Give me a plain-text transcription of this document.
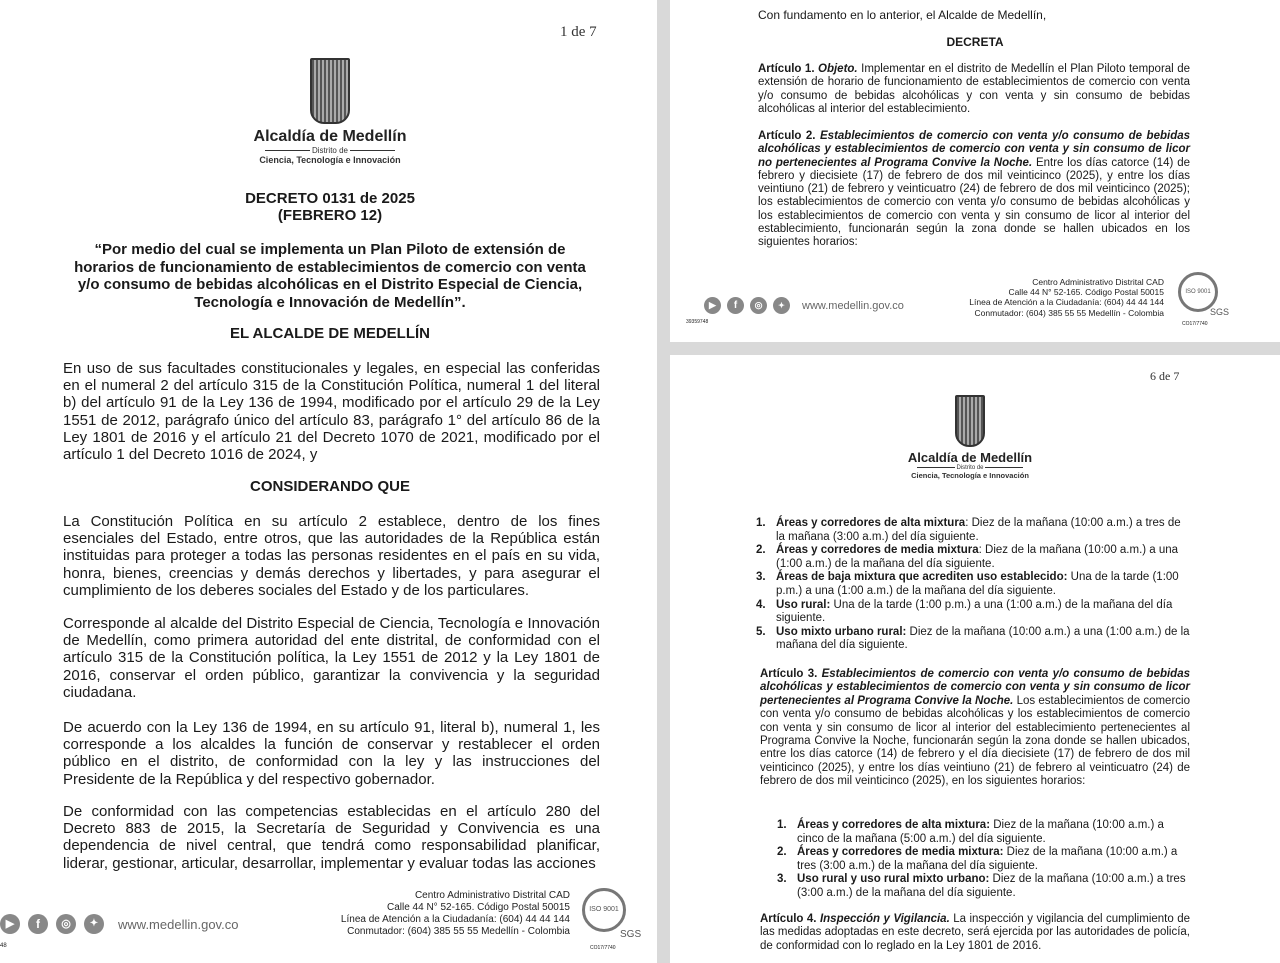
1 de 7
Alcaldía de Medellín
Distrito de
Ciencia, Tecnología e Innovación
DECRETO 0131 de 2025
(FEBRERO 12)
“Por medio del cual se implementa un Plan Piloto de extensión de horarios de funcionamiento de establecimientos de comercio con venta y/o consumo de bebidas alcohólicas en el Distrito Especial de Ciencia, Tecnología e Innovación de Medellín”.
EL ALCALDE DE MEDELLÍN
En uso de sus facultades constitucionales y legales, en especial las conferidas en el numeral 2 del artículo 315 de la Constitución Política, numeral 1 del literal b) del artículo 91 de la Ley 136 de 1994, modificado por el artículo 29 de la Ley 1551 de 2012, parágrafo único del artículo 83, parágrafo 1° del artículo 86 de la Ley 1801 de 2016 y el artículo 21 del Decreto 1070 de 2021, modificado por el artículo 1 del Decreto 1016 de 2024, y
CONSIDERANDO QUE
La Constitución Política en su artículo 2 establece, dentro de los fines esenciales del Estado, entre otros, que las autoridades de la República están instituidas para proteger a todas las personas residentes en el país en su vida, honra, bienes, creencias y demás derechos y libertades, y para asegurar el cumplimiento de los deberes sociales del Estado y de los particulares.
Corresponde al alcalde del Distrito Especial de Ciencia, Tecnología e Innovación de Medellín, como primera autoridad del ente distrital, de conformidad con el artículo 315 de la Constitución política, la Ley 1551 de 2012 y la Ley 1801 de 2016, conservar el orden público, garantizar la convivencia y la seguridad ciudadana.
De acuerdo con la Ley 136 de 1994, en su artículo 91, literal b), numeral 1, les corresponde a los alcaldes la función de conservar y restablecer el orden público en el distrito, de conformidad con la ley y las instrucciones del Presidente de la República y del respectivo gobernador.
De conformidad con las competencias establecidas en el artículo 280 del Decreto 883 de 2015, la Secretaría de Seguridad y Convivencia es una dependencia de nivel central, que tendrá como responsabilidad planificar, liderar, gestionar, articular, desarrollar, implementar y evaluar todas las acciones
▶	f	◎	✦	www.medellin.gov.co
48
Centro Administrativo Distrital CAD
Calle 44 N° 52-165. Código Postal 50015
Línea de Atención a la Ciudadanía: (604) 44 44 144
Conmutador: (604) 385 55 55 Medellín - Colombia
ISO 9001
SGS
CO17/7740
Con fundamento en lo anterior, el Alcalde de Medellín,
DECRETA
Artículo 1. Objeto. Implementar en el distrito de Medellín el Plan Piloto temporal de extensión de horario de funcionamiento de establecimientos de comercio con venta y/o consumo de bebidas alcohólicas y con venta y sin consumo de bebidas alcohólicas al interior del establecimiento.
Artículo 2. Establecimientos de comercio con venta y/o consumo de bebidas alcohólicas y establecimientos de comercio con venta y sin consumo de licor no pertenecientes al Programa Convive la Noche. Entre los días catorce (14) de febrero y diecisiete (17) de febrero de dos mil veinticinco (2025), y entre los días veintiuno (21) de febrero y veinticuatro (24) de febrero de dos mil veinticinco (2025); los establecimientos de comercio con venta y/o consumo de bebidas alcohólicas y los establecimientos de comercio con venta y sin consumo de licor al interior del establecimiento, funcionarán según la zona donde se hallen ubicados en los siguientes horarios:
▶	f	◎	✦	www.medellin.gov.co
39359748
Centro Administrativo Distrital CAD
Calle 44 N° 52-165. Código Postal 50015
Línea de Atención a la Ciudadanía: (604) 44 44 144
Conmutador: (604) 385 55 55 Medellín - Colombia
ISO 9001
SGS
CO17/7740
6 de 7
Alcaldía de Medellín
Distrito de
Ciencia, Tecnología e Innovación
1. Áreas y corredores de alta mixtura: Diez de la mañana (10:00 a.m.) a tres de la mañana (3:00 a.m.) del día siguiente.
2. Áreas y corredores de media mixtura: Diez de la mañana (10:00 a.m.) a una (1:00 a.m.) de la mañana del día siguiente.
3. Áreas de baja mixtura que acrediten uso establecido: Una de la tarde (1:00 p.m.) a una (1:00 a.m.) de la mañana del día siguiente.
4. Uso rural: Una de la tarde (1:00 p.m.) a una (1:00 a.m.) de la mañana del día siguiente.
5. Uso mixto urbano rural: Diez de la mañana (10:00 a.m.) a una (1:00 a.m.) de la mañana del día siguiente.
Artículo 3. Establecimientos de comercio con venta y/o consumo de bebidas alcohólicas y establecimientos de comercio con venta y sin consumo de licor pertenecientes al Programa Convive la Noche. Los establecimientos de comercio con venta y/o consumo de bebidas alcohólicas y los establecimientos de comercio con venta y sin consumo de licor al interior del establecimiento pertenecientes al Programa Convive la Noche, funcionarán según la zona donde se hallen ubicados, entre los días catorce (14) de febrero y el día diecisiete (17) de febrero de dos mil veinticinco (2025), y entre los días veintiuno (21) de febrero al veinticuatro (24) de febrero de dos mil veinticinco (2025), en los siguientes horarios:
1. Áreas y corredores de alta mixtura: Diez de la mañana (10:00 a.m.) a cinco de la mañana (5:00 a.m.) del día siguiente.
2. Áreas y corredores de media mixtura: Diez de la mañana (10:00 a.m.) a tres (3:00 a.m.) de la mañana del día siguiente.
3. Uso rural y uso rural mixto urbano: Diez de la mañana (10:00 a.m.) a tres (3:00 a.m.) de la mañana del día siguiente.
Artículo 4. Inspección y Vigilancia. La inspección y vigilancia del cumplimiento de las medidas adoptadas en este decreto, será ejercida por las autoridades de policía, de conformidad con lo reglado en la Ley 1801 de 2016.
